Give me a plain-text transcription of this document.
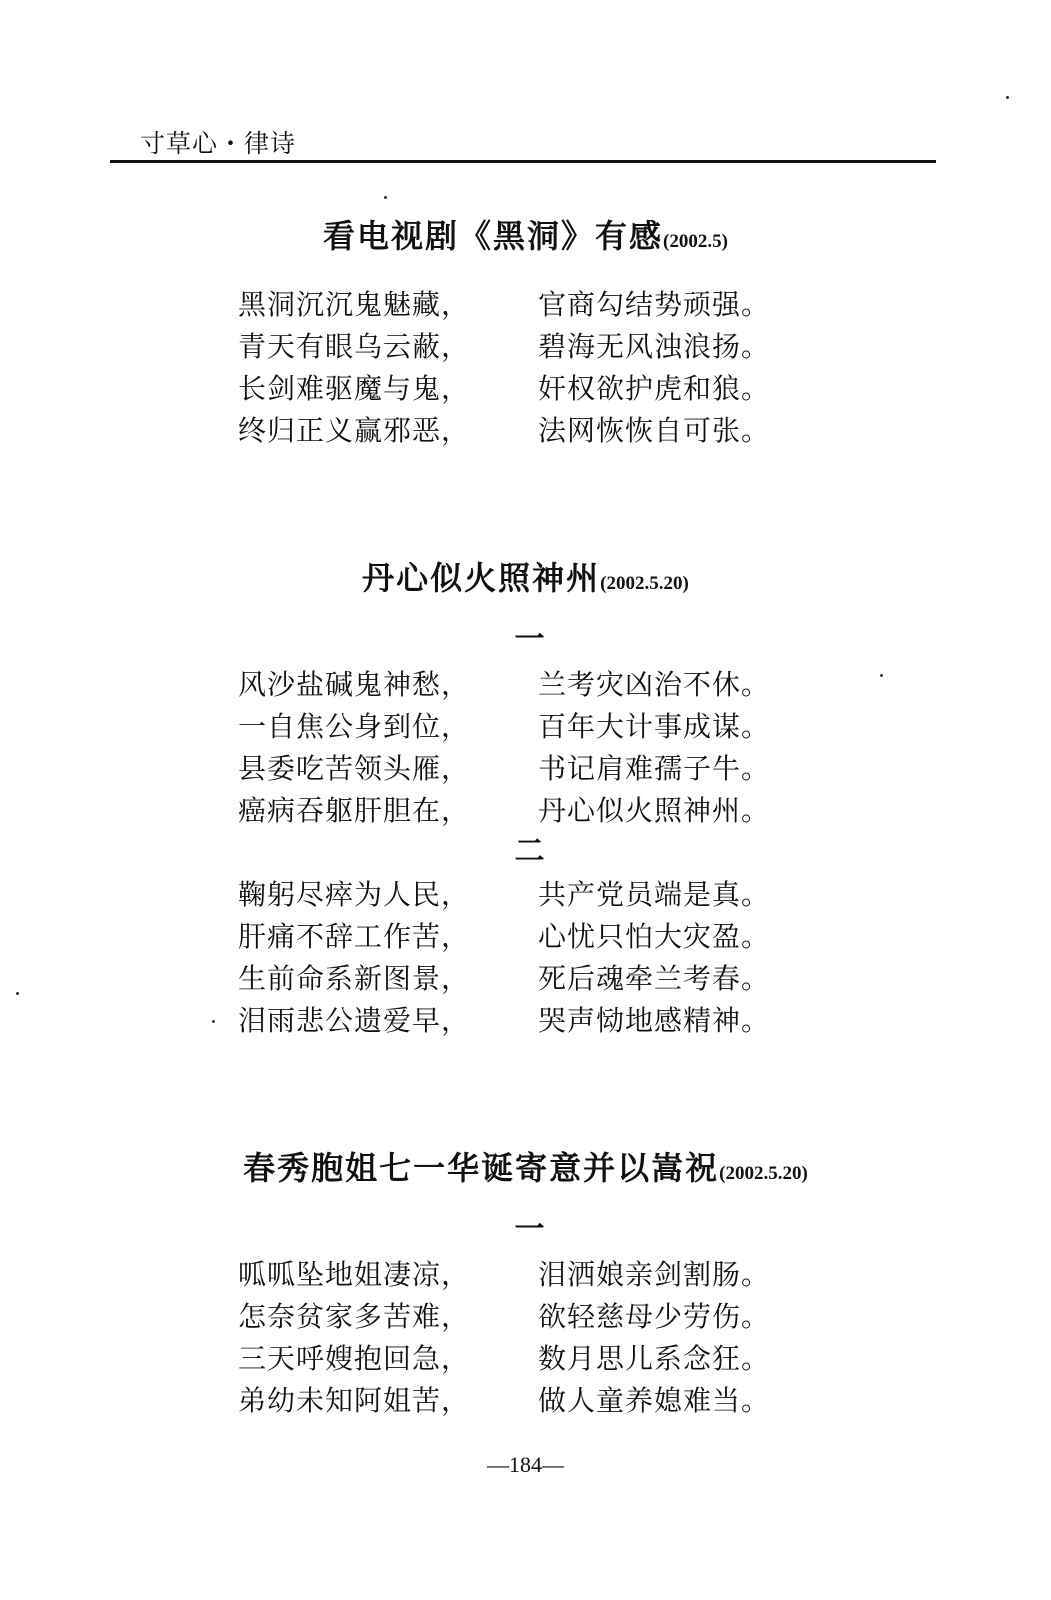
寸草心・律诗
看电视剧《黑洞》有感(2002.5)
黑洞沉沉鬼魅藏， 官商勾结势顽强。
青天有眼乌云蔽， 碧海无风浊浪扬。
长剑难驱魔与鬼， 奸权欲护虎和狼。
终归正义赢邪恶， 法网恢恢自可张。
丹心似火照神州(2002.5.20)
一
风沙盐碱鬼神愁， 兰考灾凶治不休。
一自焦公身到位， 百年大计事成谋。
县委吃苦领头雁， 书记肩难孺子牛。
癌病吞躯肝胆在， 丹心似火照神州。
二
鞠躬尽瘁为人民， 共产党员端是真。
肝痛不辞工作苦， 心忧只怕大灾盈。
生前命系新图景， 死后魂牵兰考春。
泪雨悲公遗爱早， 哭声恸地感精神。
春秀胞姐七一华诞寄意并以嵩祝(2002.5.20)
一
呱呱坠地姐凄凉， 泪洒娘亲剑割肠。
怎奈贫家多苦难， 欲轻慈母少劳伤。
三天呼嫂抱回急， 数月思儿系念狂。
弟幼未知阿姐苦， 做人童养媳难当。
—184—
